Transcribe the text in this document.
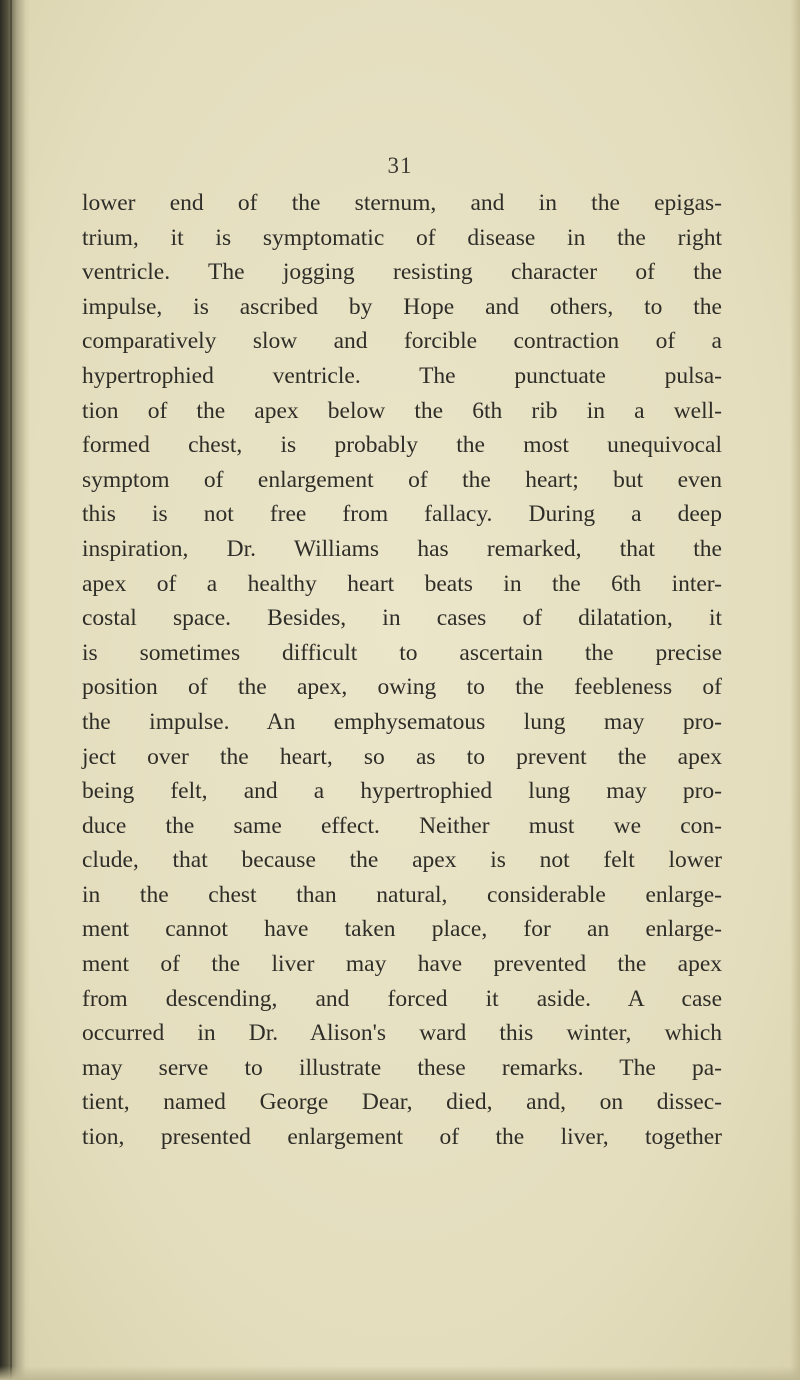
31
lower end of the sternum, and in the epigas-
trium, it is symptomatic of disease in the right
ventricle. The jogging resisting character of the
impulse, is ascribed by Hope and others, to the
comparatively slow and forcible contraction of a
hypertrophied ventricle. The punctuate pulsa-
tion of the apex below the 6th rib in a well-
formed chest, is probably the most unequivocal
symptom of enlargement of the heart; but even
this is not free from fallacy. During a deep
inspiration, Dr. Williams has remarked, that the
apex of a healthy heart beats in the 6th inter-
costal space. Besides, in cases of dilatation, it
is sometimes difficult to ascertain the precise
position of the apex, owing to the feebleness of
the impulse. An emphysematous lung may pro-
ject over the heart, so as to prevent the apex
being felt, and a hypertrophied lung may pro-
duce the same effect. Neither must we con-
clude, that because the apex is not felt lower
in the chest than natural, considerable enlarge-
ment cannot have taken place, for an enlarge-
ment of the liver may have prevented the apex
from descending, and forced it aside. A case
occurred in Dr. Alison's ward this winter, which
may serve to illustrate these remarks. The pa-
tient, named George Dear, died, and, on dissec-
tion, presented enlargement of the liver, together
